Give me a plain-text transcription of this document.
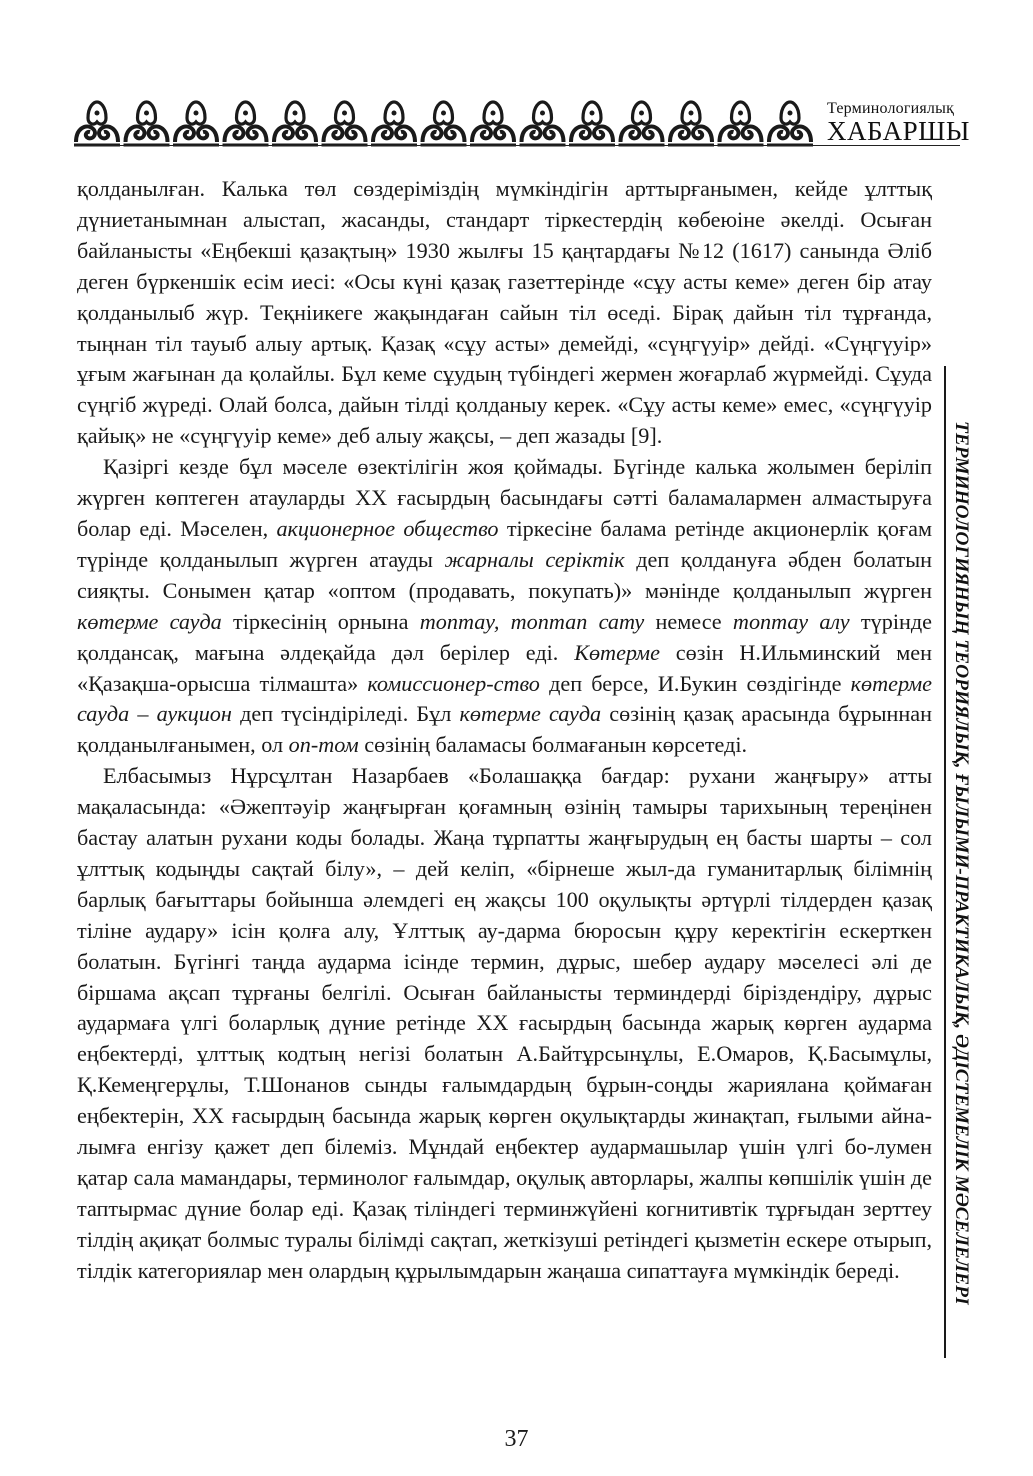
Терминологиялық
ХАБАРШЫ

қолданылған. Калька төл сөздерiмiздiң мүмкiндiгiн арттырғанымен, кейде ұлттық дүниетанымнан алыстап, жасанды, стандарт тiркестердiң көбеюiне әкелдi. Осыған байланысты «Еңбекшi қазақтың» 1930 жылғы 15 қаңтардағы №12 (1617) санында Әлiб деген бүркеншiк есiм иесi: «Осы күнi қазақ газеттерiнде «сұу асты кеме» деген бiр атау қолданылыб жүр. Тeқнiикеге жақындаған сайын тiл өседi. Бiрақ дайын тiл тұрғанда, тыңнан тiл тауыб алыу артық. Қазақ «сұу асты» демейдi, «сүңгүуiр» дейдi. «Сүңгүуiр» ұғым жағынан да қолайлы. Бұл кеме сұудың түбiндегi жермен жоғарлаб жүрмейдi. Сұуда сүңгiб жүредi. Олай болса, дайын тiлдi қолданыу керек. «Сұу асты кеме» емес, «сүңгүуiр қайық» не «сүңгүуiр кеме» деб алыу жақсы, – деп жазады [9].

Қазiргi кезде бұл мәселе өзектiлiгiн жоя қоймады. Бүгiнде калька жолымен берiлiп жүрген көптеген атауларды ХХ ғасырдың басындағы сәттi баламалармен алмастыруға болар едi. Мәселен, акционерное общество тiркесiне балама ретiнде акционерлiк қоғам түрiнде қолданылып жүрген атауды жарналы серiктiк деп қолдануға әбден болатын сияқты. Сонымен қатар «оптом (продавать, покупать)» мәнiнде қолданылып жүрген көтерме сауда тiркесiнiң орнына топтау, топтап сату немесе топтау алу түрiнде қолдансақ, мағына әлдеқайда дәл берiлер едi. Көтерме сөзiн Н.Ильминский мен «Қазақша-орысша тiлмашта» комиссионер-ство деп берсе, И.Букин сөздiгiнде көтерме сауда – аукцион деп түсiндiрiледi. Бұл көтерме сауда сөзiнiң қазақ арасында бұрыннан қолданылғанымен, ол оп-том сөзiнiң баламасы болмағанын көрсетедi.

Елбасымыз Нұрсұлтан Назарбаев «Болашаққа бағдар: рухани жаңғыру» атты мақаласында: «Әжептәуiр жаңғырған қоғамның өзiнiң тамыры тарихының тереңiнен бастау алатын рухани коды болады. Жаңа тұрпатты жаңғырудың ең басты шарты – сол ұлттық кодыңды сақтай бiлу», – дей келiп, «бiрнеше жыл-да гуманитарлық бiлiмнiң барлық бағыттары бойынша әлемдегi ең жақсы 100 оқулықты әртүрлi тiлдерден қазақ тiлiне аудару» iсiн қолға алу, Ұлттық ау-дарма бюросын құру керектiгiн ескерткен болатын. Бүгiнгi таңда аударма iсiнде термин, дұрыс, шебер аудару мәселесi әлi де бiршама ақсап тұрғаны белгiлi. Осыған байланысты терминдердi бiрiздендiру, дұрыс аудармаға үлгi боларлық дүние ретiнде ХХ ғасырдың басында жарық көрген аударма еңбектердi, ұлттық кодтың негiзi болатын А.Байтұрсынұлы, Е.Омаров, Қ.Басымұлы, Қ.Кемеңгерұлы, Т.Шонанов сынды ғалымдардың бұрын-соңды жариялана қоймаған еңбектерiн, ХХ ғасырдың басында жарық көрген оқулықтарды жинақтап, ғылыми айна-лымға енгiзу қажет деп бiлемiз. Мұндай еңбектер аудармашылар үшiн үлгi бо-лумен қатар сала мамандары, терминолог ғалымдар, оқулық авторлары, жалпы көпшiлiк үшiн де таптырмас дүние болар едi. Қазақ тiлiндегi терминжүйенi когнитивтiк тұрғыдан зерттеу тiлдiң ақиқат болмыс туралы бiлiмдi сақтап, жеткiзушi ретiндегi қызметiн ескере отырып, тiлдiк категориялар мен олардың құрылымдарын жаңаша сипаттауға мүмкiндiк бередi.	ТЕРМИНОЛОГИЯНЫҢ ТЕОРИЯЛЫҚ, ҒЫЛЫМИ-ПРАКТИКАЛЫҚ, ӘДІСТЕМЕЛІК МӘСЕЛЕЛЕРІ
37
